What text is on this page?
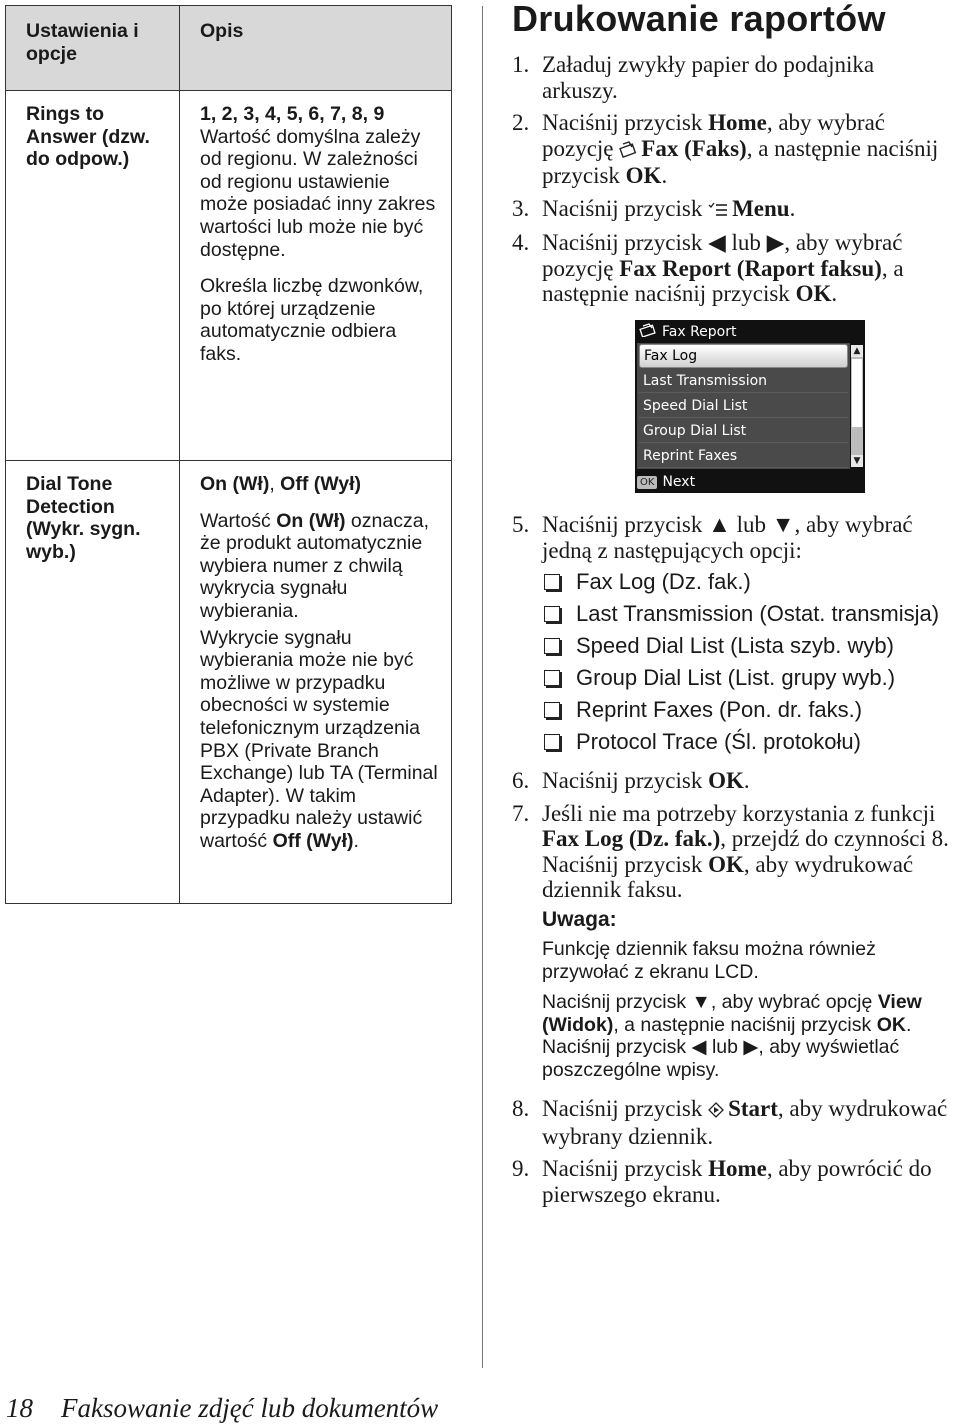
Ustawienia i opcje	Opis
Rings to Answer (dzw. do odpow.)	1, 2, 3, 4, 5, 6, 7, 8, 9
Wartość domyślna zależy od regionu. W zależności od regionu ustawienie może posiadać inny zakres wartości lub może nie być dostępne.
Określa liczbę dzwonków, po której urządzenie automatycznie odbiera faks.

Dial Tone Detection (Wykr. sygn. wyb.)	On (Wł), Off (Wył)
Wartość On (Wł) oznacza, że produkt automatycznie wybiera numer z chwilą wykrycia sygnału wybierania.
Wykrycie sygnału wybierania może nie być możliwe w przypadku obecności w systemie telefonicznym urządzenia PBX (Private Branch Exchange) lub TA (Terminal Adapter). W takim przypadku należy ustawić wartość Off (Wył).
Drukowanie raportów
1. Załaduj zwykły papier do podajnika arkuszy.
2. Naciśnij przycisk Home, aby wybrać pozycję Fax (Faks), a następnie naciśnij przycisk OK.
3. Naciśnij przycisk Menu.
4. Naciśnij przycisk ◀ lub ▶, aby wybrać pozycję Fax Report (Raport faksu), a następnie naciśnij przycisk OK.
Fax Report
Fax Log
Last Transmission
Speed Dial List
Group Dial List
Reprint Faxes
▲
▼
OK Next
5. Naciśnij przycisk ▲ lub ▼, aby wybrać jedną z następujących opcji:
Fax Log (Dz. fak.)
Last Transmission (Ostat. transmisja)
Speed Dial List (Lista szyb. wyb)
Group Dial List (List. grupy wyb.)
Reprint Faxes (Pon. dr. faks.)
Protocol Trace (Śl. protokołu)
6. Naciśnij przycisk OK.
7. Jeśli nie ma potrzeby korzystania z funkcji Fax Log (Dz. fak.), przejdź do czynności 8. Naciśnij przycisk OK, aby wydrukować dziennik faksu.
Uwaga:

Funkcję dziennik faksu można również przywołać z ekranu LCD.

Naciśnij przycisk ▼, aby wybrać opcję View (Widok), a następnie naciśnij przycisk OK. Naciśnij przycisk ◀ lub ▶, aby wyświetlać poszczególne wpisy.

8. Naciśnij przycisk Start, aby wydrukować wybrany dziennik.
9. Naciśnij przycisk Home, aby powrócić do pierwszego ekranu.
18 Faksowanie zdjęć lub dokumentów
